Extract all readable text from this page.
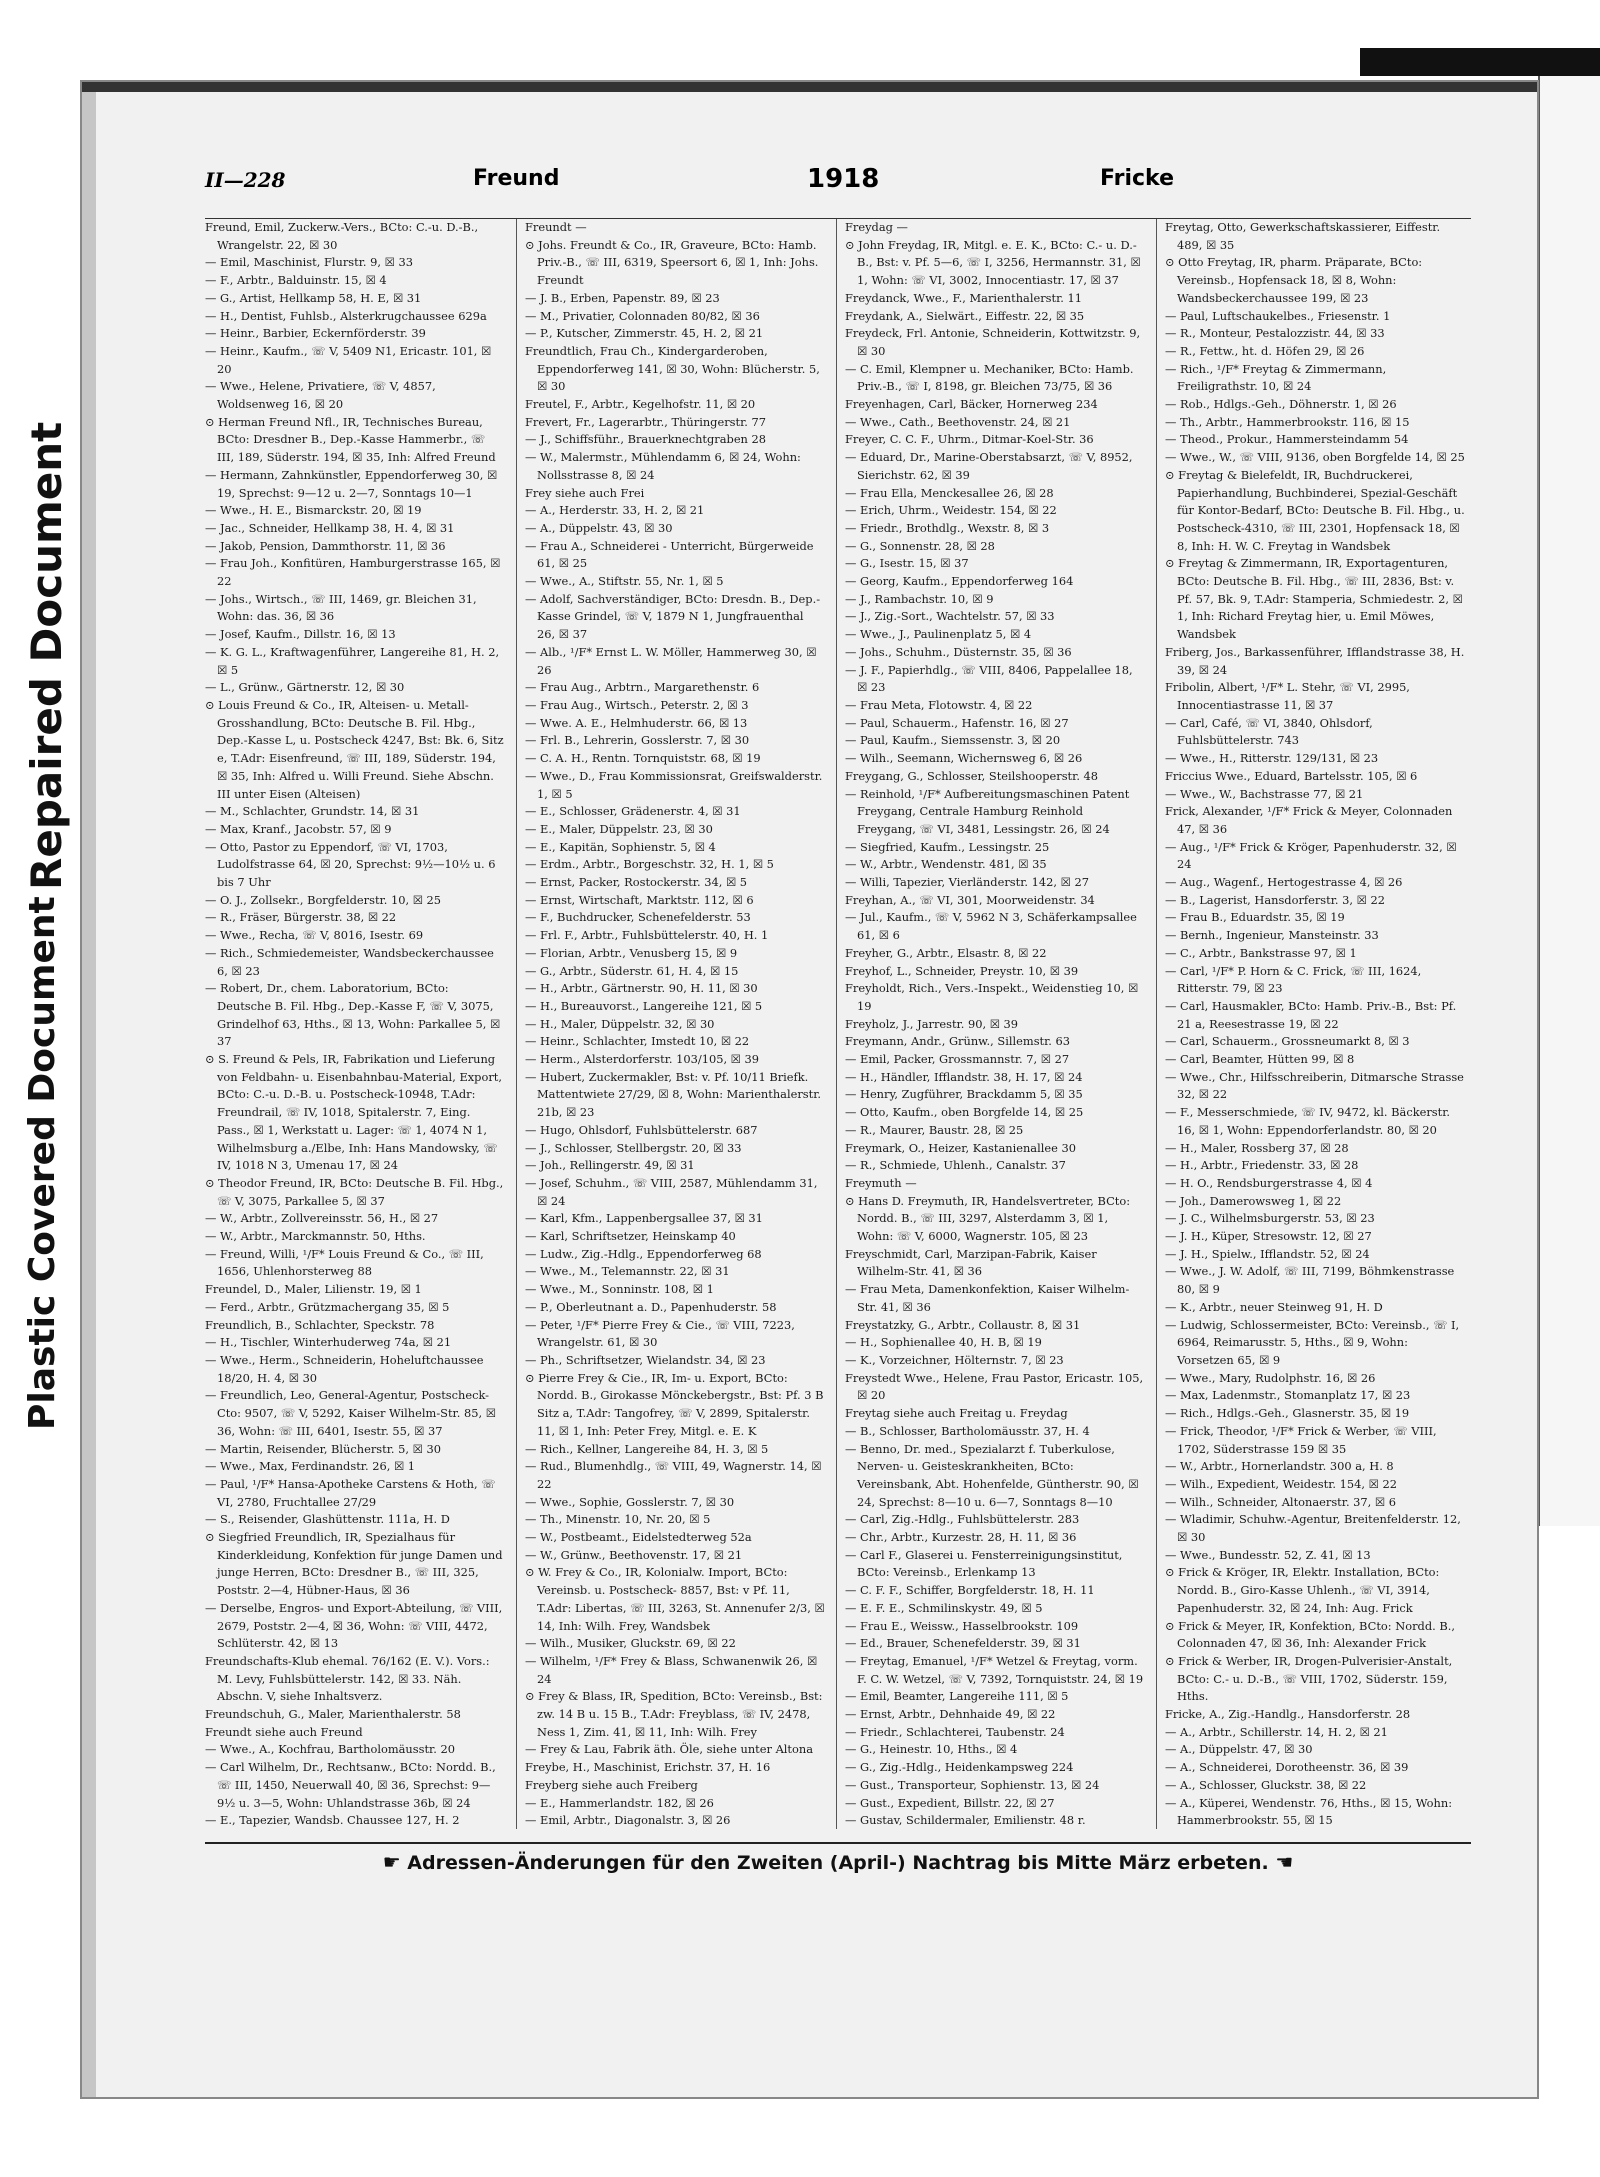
Repaired Document
Plastic Covered Document
II—228	Freund	1918	Fricke

Freund, Emil, Zuckerw.-Vers., BCto: C.-u. D.-B., Wrangelstr. 22, ☒ 30

— Emil, Maschinist, Flurstr. 9, ☒ 33

— F., Arbtr., Balduinstr. 15, ☒ 4

— G., Artist, Hellkamp 58, H. E, ☒ 31

— H., Dentist, Fuhlsb., Alsterkrugchaussee 629a

— Heinr., Barbier, Eckernförderstr. 39

— Heinr., Kaufm., ☏ V, 5409 N1, Ericastr. 101, ☒ 20

— Wwe., Helene, Privatiere, ☏ V, 4857, Woldsenweg 16, ☒ 20

⊙ Herman Freund Nfl., IR, Technisches Bureau, BCto: Dresdner B., Dep.-Kasse Hammerbr., ☏ III, 189, Süderstr. 194, ☒ 35, Inh: Alfred Freund

— Hermann, Zahnkünstler, Eppendorferweg 30, ☒ 19, Sprechst: 9—12 u. 2—7, Sonntags 10—1

— Wwe., H. E., Bismarckstr. 20, ☒ 19

— Jac., Schneider, Hellkamp 38, H. 4, ☒ 31

— Jakob, Pension, Dammthorstr. 11, ☒ 36

— Frau Joh., Konfitüren, Hamburgerstrasse 165, ☒ 22

— Johs., Wirtsch., ☏ III, 1469, gr. Bleichen 31, Wohn: das. 36, ☒ 36

— Josef, Kaufm., Dillstr. 16, ☒ 13

— K. G. L., Kraftwagenführer, Langereihe 81, H. 2, ☒ 5

— L., Grünw., Gärtnerstr. 12, ☒ 30

⊙ Louis Freund & Co., IR, Alteisen- u. Metall-Grosshandlung, BCto: Deutsche B. Fil. Hbg., Dep.-Kasse L, u. Postscheck 4247, Bst: Bk. 6, Sitz e, T.Adr: Eisenfreund, ☏ III, 189, Süderstr. 194, ☒ 35, Inh: Alfred u. Willi Freund. Siehe Abschn. III unter Eisen (Alteisen)

— M., Schlachter, Grundstr. 14, ☒ 31

— Max, Kranf., Jacobstr. 57, ☒ 9

— Otto, Pastor zu Eppendorf, ☏ VI, 1703, Ludolfstrasse 64, ☒ 20, Sprechst: 9½—10½ u. 6 bis 7 Uhr

— O. J., Zollsekr., Borgfelderstr. 10, ☒ 25

— R., Fräser, Bürgerstr. 38, ☒ 22

— Wwe., Recha, ☏ V, 8016, Isestr. 69

— Rich., Schmiedemeister, Wandsbeckerchaussee 6, ☒ 23

— Robert, Dr., chem. Laboratorium, BCto: Deutsche B. Fil. Hbg., Dep.-Kasse F, ☏ V, 3075, Grindelhof 63, Hths., ☒ 13, Wohn: Parkallee 5, ☒ 37

⊙ S. Freund & Pels, IR, Fabrikation und Lieferung von Feldbahn- u. Eisenbahnbau-Material, Export, BCto: C.-u. D.-B. u. Postscheck-10948, T.Adr: Freundrail, ☏ IV, 1018, Spitalerstr. 7, Eing. Pass., ☒ 1, Werkstatt u. Lager: ☏ 1, 4074 N 1, Wilhelmsburg a./Elbe, Inh: Hans Mandowsky, ☏ IV, 1018 N 3, Umenau 17, ☒ 24

⊙ Theodor Freund, IR, BCto: Deutsche B. Fil. Hbg., ☏ V, 3075, Parkallee 5, ☒ 37

— W., Arbtr., Zollvereinsstr. 56, H., ☒ 27

— W., Arbtr., Marckmannstr. 50, Hths.

— Freund, Willi, ¹/F* Louis Freund & Co., ☏ III, 1656, Uhlenhorsterweg 88

Freundel, D., Maler, Lilienstr. 19, ☒ 1

— Ferd., Arbtr., Grützmachergang 35, ☒ 5

Freundlich, B., Schlachter, Speckstr. 78

— H., Tischler, Winterhuderweg 74a, ☒ 21

— Wwe., Herm., Schneiderin, Hoheluftchaussee 18/20, H. 4, ☒ 30

— Freundlich, Leo, General-Agentur, Postscheck-Cto: 9507, ☏ V, 5292, Kaiser Wilhelm-Str. 85, ☒ 36, Wohn: ☏ III, 6401, Isestr. 55, ☒ 37

— Martin, Reisender, Blücherstr. 5, ☒ 30

— Wwe., Max, Ferdinandstr. 26, ☒ 1

— Paul, ¹/F* Hansa-Apotheke Carstens & Hoth, ☏ VI, 2780, Fruchtallee 27/29

— S., Reisender, Glashüttenstr. 111a, H. D

⊙ Siegfried Freundlich, IR, Spezialhaus für Kinderkleidung, Konfektion für junge Damen und junge Herren, BCto: Dresdner B., ☏ III, 325, Poststr. 2—4, Hübner-Haus, ☒ 36

— Derselbe, Engros- und Export-Abteilung, ☏ VIII, 2679, Poststr. 2—4, ☒ 36, Wohn: ☏ VIII, 4472, Schlüterstr. 42, ☒ 13

Freundschafts-Klub ehemal. 76/162 (E. V.). Vors.: M. Levy, Fuhlsbüttelerstr. 142, ☒ 33. Näh. Abschn. V, siehe Inhaltsverz.

Freundschuh, G., Maler, Marienthalerstr. 58

Freundt siehe auch Freund

— Wwe., A., Kochfrau, Bartholomäusstr. 20

— Carl Wilhelm, Dr., Rechtsanw., BCto: Nordd. B., ☏ III, 1450, Neuerwall 40, ☒ 36, Sprechst: 9—9½ u. 3—5, Wohn: Uhlandstrasse 36b, ☒ 24

— E., Tapezier, Wandsb. Chaussee 127, H. 2

Freundt —

⊙ Johs. Freundt & Co., IR, Graveure, BCto: Hamb. Priv.-B., ☏ III, 6319, Speersort 6, ☒ 1, Inh: Johs. Freundt

— J. B., Erben, Papenstr. 89, ☒ 23

— M., Privatier, Colonnaden 80/82, ☒ 36

— P., Kutscher, Zimmerstr. 45, H. 2, ☒ 21

Freundtlich, Frau Ch., Kindergarderoben, Eppendorferweg 141, ☒ 30, Wohn: Blücherstr. 5, ☒ 30

Freutel, F., Arbtr., Kegelhofstr. 11, ☒ 20

Frevert, Fr., Lagerarbtr., Thüringerstr. 77

— J., Schiffsführ., Brauerknechtgraben 28

— W., Malermstr., Mühlendamm 6, ☒ 24, Wohn: Nollsstrasse 8, ☒ 24

Frey siehe auch Frei

— A., Herderstr. 33, H. 2, ☒ 21

— A., Düppelstr. 43, ☒ 30

— Frau A., Schneiderei - Unterricht, Bürgerweide 61, ☒ 25

— Wwe., A., Stiftstr. 55, Nr. 1, ☒ 5

— Adolf, Sachverständiger, BCto: Dresdn. B., Dep.-Kasse Grindel, ☏ V, 1879 N 1, Jungfrauenthal 26, ☒ 37

— Alb., ¹/F* Ernst L. W. Möller, Hammerweg 30, ☒ 26

— Frau Aug., Arbtrn., Margarethenstr. 6

— Frau Aug., Wirtsch., Peterstr. 2, ☒ 3

— Wwe. A. E., Helmhuderstr. 66, ☒ 13

— Frl. B., Lehrerin, Gosslerstr. 7, ☒ 30

— C. A. H., Rentn. Tornquiststr. 68, ☒ 19

— Wwe., D., Frau Kommissionsrat, Greifswalderstr. 1, ☒ 5

— E., Schlosser, Grädenerstr. 4, ☒ 31

— E., Maler, Düppelstr. 23, ☒ 30

— E., Kapitän, Sophienstr. 5, ☒ 4

— Erdm., Arbtr., Borgeschstr. 32, H. 1, ☒ 5

— Ernst, Packer, Rostockerstr. 34, ☒ 5

— Ernst, Wirtschaft, Marktstr. 112, ☒ 6

— F., Buchdrucker, Schenefelderstr. 53

— Frl. F., Arbtr., Fuhlsbüttelerstr. 40, H. 1

— Florian, Arbtr., Venusberg 15, ☒ 9

— G., Arbtr., Süderstr. 61, H. 4, ☒ 15

— H., Arbtr., Gärtnerstr. 90, H. 11, ☒ 30

— H., Bureauvorst., Langereihe 121, ☒ 5

— H., Maler, Düppelstr. 32, ☒ 30

— Heinr., Schlachter, Imstedt 10, ☒ 22

— Herm., Alsterdorferstr. 103/105, ☒ 39

— Hubert, Zuckermakler, Bst: v. Pf. 10/11 Briefk. Mattentwiete 27/29, ☒ 8, Wohn: Marienthalerstr. 21b, ☒ 23

— Hugo, Ohlsdorf, Fuhlsbüttelerstr. 687

— J., Schlosser, Stellbergstr. 20, ☒ 33

— Joh., Rellingerstr. 49, ☒ 31

— Josef, Schuhm., ☏ VIII, 2587, Mühlendamm 31, ☒ 24

— Karl, Kfm., Lappenbergsallee 37, ☒ 31

— Karl, Schriftsetzer, Heinskamp 40

— Ludw., Zig.-Hdlg., Eppendorferweg 68

— Wwe., M., Telemannstr. 22, ☒ 31

— Wwe., M., Sonninstr. 108, ☒ 1

— P., Oberleutnant a. D., Papenhuderstr. 58

— Peter, ¹/F* Pierre Frey & Cie., ☏ VIII, 7223, Wrangelstr. 61, ☒ 30

— Ph., Schriftsetzer, Wielandstr. 34, ☒ 23

⊙ Pierre Frey & Cie., IR, Im- u. Export, BCto: Nordd. B., Girokasse Mönckebergstr., Bst: Pf. 3 B Sitz a, T.Adr: Tangofrey, ☏ V, 2899, Spitalerstr. 11, ☒ 1, Inh: Peter Frey, Mitgl. e. E. K

— Rich., Kellner, Langereihe 84, H. 3, ☒ 5

— Rud., Blumenhdlg., ☏ VIII, 49, Wagnerstr. 14, ☒ 22

— Wwe., Sophie, Gosslerstr. 7, ☒ 30

— Th., Minenstr. 10, Nr. 20, ☒ 5

— W., Postbeamt., Eidelstedterweg 52a

— W., Grünw., Beethovenstr. 17, ☒ 21

⊙ W. Frey & Co., IR, Kolonialw. Import, BCto: Vereinsb. u. Postscheck- 8857, Bst: v Pf. 11, T.Adr: Libertas, ☏ III, 3263, St. Annenufer 2/3, ☒ 14, Inh: Wilh. Frey, Wandsbek

— Wilh., Musiker, Gluckstr. 69, ☒ 22

— Wilhelm, ¹/F* Frey & Blass, Schwanenwik 26, ☒ 24

⊙ Frey & Blass, IR, Spedition, BCto: Vereinsb., Bst: zw. 14 B u. 15 B., T.Adr: Freyblass, ☏ IV, 2478, Ness 1, Zim. 41, ☒ 11, Inh: Wilh. Frey

— Frey & Lau, Fabrik äth. Öle, siehe unter Altona

Freybe, H., Maschinist, Erichstr. 37, H. 16

Freyberg siehe auch Freiberg

— E., Hammerlandstr. 182, ☒ 26

— Emil, Arbtr., Diagonalstr. 3, ☒ 26

Freydag —

⊙ John Freydag, IR, Mitgl. e. E. K., BCto: C.- u. D.-B., Bst: v. Pf. 5—6, ☏ I, 3256, Hermannstr. 31, ☒ 1, Wohn: ☏ VI, 3002, Innocentiastr. 17, ☒ 37

Freydanck, Wwe., F., Marienthalerstr. 11

Freydank, A., Sielwärt., Eiffestr. 22, ☒ 35

Freydeck, Frl. Antonie, Schneiderin, Kottwitzstr. 9, ☒ 30

— C. Emil, Klempner u. Mechaniker, BCto: Hamb. Priv.-B., ☏ I, 8198, gr. Bleichen 73/75, ☒ 36

Freyenhagen, Carl, Bäcker, Hornerweg 234

— Wwe., Cath., Beethovenstr. 24, ☒ 21

Freyer, C. C. F., Uhrm., Ditmar-Koel-Str. 36

— Eduard, Dr., Marine-Oberstabsarzt, ☏ V, 8952, Sierichstr. 62, ☒ 39

— Frau Ella, Menckesallee 26, ☒ 28

— Erich, Uhrm., Weidestr. 154, ☒ 22

— Friedr., Brothdlg., Wexstr. 8, ☒ 3

— G., Sonnenstr. 28, ☒ 28

— G., Isestr. 15, ☒ 37

— Georg, Kaufm., Eppendorferweg 164

— J., Rambachstr. 10, ☒ 9

— J., Zig.-Sort., Wachtelstr. 57, ☒ 33

— Wwe., J., Paulinenplatz 5, ☒ 4

— Johs., Schuhm., Düsternstr. 35, ☒ 36

— J. F., Papierhdlg., ☏ VIII, 8406, Pappelallee 18, ☒ 23

— Frau Meta, Flotowstr. 4, ☒ 22

— Paul, Schauerm., Hafenstr. 16, ☒ 27

— Paul, Kaufm., Siemssenstr. 3, ☒ 20

— Wilh., Seemann, Wichernsweg 6, ☒ 26

Freygang, G., Schlosser, Steilshooperstr. 48

— Reinhold, ¹/F* Aufbereitungsmaschinen Patent Freygang, Centrale Hamburg Reinhold Freygang, ☏ VI, 3481, Lessingstr. 26, ☒ 24

— Siegfried, Kaufm., Lessingstr. 25

— W., Arbtr., Wendenstr. 481, ☒ 35

— Willi, Tapezier, Vierländerstr. 142, ☒ 27

Freyhan, A., ☏ VI, 301, Moorweidenstr. 34

— Jul., Kaufm., ☏ V, 5962 N 3, Schäferkampsallee 61, ☒ 6

Freyher, G., Arbtr., Elsastr. 8, ☒ 22

Freyhof, L., Schneider, Preystr. 10, ☒ 39

Freyholdt, Rich., Vers.-Inspekt., Weidenstieg 10, ☒ 19

Freyholz, J., Jarrestr. 90, ☒ 39

Freymann, Andr., Grünw., Sillemstr. 63

— Emil, Packer, Grossmannstr. 7, ☒ 27

— H., Händler, Ifflandstr. 38, H. 17, ☒ 24

— Henry, Zugführer, Brackdamm 5, ☒ 35

— Otto, Kaufm., oben Borgfelde 14, ☒ 25

— R., Maurer, Baustr. 28, ☒ 25

Freymark, O., Heizer, Kastanienallee 30

— R., Schmiede, Uhlenh., Canalstr. 37

Freymuth —

⊙ Hans D. Freymuth, IR, Handelsvertreter, BCto: Nordd. B., ☏ III, 3297, Alsterdamm 3, ☒ 1, Wohn: ☏ V, 6000, Wagnerstr. 105, ☒ 23

Freyschmidt, Carl, Marzipan-Fabrik, Kaiser Wilhelm-Str. 41, ☒ 36

— Frau Meta, Damenkonfektion, Kaiser Wilhelm-Str. 41, ☒ 36

Freystatzky, G., Arbtr., Collaustr. 8, ☒ 31

— H., Sophienallee 40, H. B, ☒ 19

— K., Vorzeichner, Hölternstr. 7, ☒ 23

Freystedt Wwe., Helene, Frau Pastor, Ericastr. 105, ☒ 20

Freytag siehe auch Freitag u. Freydag

— B., Schlosser, Bartholomäusstr. 37, H. 4

— Benno, Dr. med., Spezialarzt f. Tuberkulose, Nerven- u. Geisteskrankheiten, BCto: Vereinsbank, Abt. Hohenfelde, Güntherstr. 90, ☒ 24, Sprechst: 8—10 u. 6—7, Sonntags 8—10

— Carl, Zig.-Hdlg., Fuhlsbüttelerstr. 283

— Chr., Arbtr., Kurzestr. 28, H. 11, ☒ 36

— Carl F., Glaserei u. Fensterreinigungsinstitut, BCto: Vereinsb., Erlenkamp 13

— C. F. F., Schiffer, Borgfelderstr. 18, H. 11

— E. F. E., Schmilinskystr. 49, ☒ 5

— Frau E., Weissw., Hasselbrookstr. 109

— Ed., Brauer, Schenefelderstr. 39, ☒ 31

— Freytag, Emanuel, ¹/F* Wetzel & Freytag, vorm. F. C. W. Wetzel, ☏ V, 7392, Tornquiststr. 24, ☒ 19

— Emil, Beamter, Langereihe 111, ☒ 5

— Ernst, Arbtr., Dehnhaide 49, ☒ 22

— Friedr., Schlachterei, Taubenstr. 24

— G., Heinestr. 10, Hths., ☒ 4

— G., Zig.-Hdlg., Heidenkampsweg 224

— Gust., Transporteur, Sophienstr. 13, ☒ 24

— Gust., Expedient, Billstr. 22, ☒ 27

— Gustav, Schildermaler, Emilienstr. 48 r.

Freytag, Otto, Gewerkschaftskassierer, Eiffestr. 489, ☒ 35

⊙ Otto Freytag, IR, pharm. Präparate, BCto: Vereinsb., Hopfensack 18, ☒ 8, Wohn: Wandsbeckerchaussee 199, ☒ 23

— Paul, Luftschaukelbes., Friesenstr. 1

— R., Monteur, Pestalozzistr. 44, ☒ 33

— R., Fettw., ht. d. Höfen 29, ☒ 26

— Rich., ¹/F* Freytag & Zimmermann, Freiligrathstr. 10, ☒ 24

— Rob., Hdlgs.-Geh., Döhnerstr. 1, ☒ 26

— Th., Arbtr., Hammerbrookstr. 116, ☒ 15

— Theod., Prokur., Hammersteindamm 54

— Wwe., W., ☏ VIII, 9136, oben Borgfelde 14, ☒ 25

⊙ Freytag & Bielefeldt, IR, Buchdruckerei, Papierhandlung, Buchbinderei, Spezial-Geschäft für Kontor-Bedarf, BCto: Deutsche B. Fil. Hbg., u. Postscheck-4310, ☏ III, 2301, Hopfensack 18, ☒ 8, Inh: H. W. C. Freytag in Wandsbek

⊙ Freytag & Zimmermann, IR, Exportagenturen, BCto: Deutsche B. Fil. Hbg., ☏ III, 2836, Bst: v. Pf. 57, Bk. 9, T.Adr: Stamperia, Schmiedestr. 2, ☒ 1, Inh: Richard Freytag hier, u. Emil Möwes, Wandsbek

Friberg, Jos., Barkassenführer, Ifflandstrasse 38, H. 39, ☒ 24

Fribolin, Albert, ¹/F* L. Stehr, ☏ VI, 2995, Innocentiastrasse 11, ☒ 37

— Carl, Café, ☏ VI, 3840, Ohlsdorf, Fuhlsbüttelerstr. 743

— Wwe., H., Ritterstr. 129/131, ☒ 23

Friccius Wwe., Eduard, Bartelsstr. 105, ☒ 6

— Wwe., W., Bachstrasse 77, ☒ 21

Frick, Alexander, ¹/F* Frick & Meyer, Colonnaden 47, ☒ 36

— Aug., ¹/F* Frick & Kröger, Papenhuderstr. 32, ☒ 24

— Aug., Wagenf., Hertogestrasse 4, ☒ 26

— B., Lagerist, Hansdorferstr. 3, ☒ 22

— Frau B., Eduardstr. 35, ☒ 19

— Bernh., Ingenieur, Mansteinstr. 33

— C., Arbtr., Bankstrasse 97, ☒ 1

— Carl, ¹/F* P. Horn & C. Frick, ☏ III, 1624, Ritterstr. 79, ☒ 23

— Carl, Hausmakler, BCto: Hamb. Priv.-B., Bst: Pf. 21 a, Reesestrasse 19, ☒ 22

— Carl, Schauerm., Grossneumarkt 8, ☒ 3

— Carl, Beamter, Hütten 99, ☒ 8

— Wwe., Chr., Hilfsschreiberin, Ditmarsche Strasse 32, ☒ 22

— F., Messerschmiede, ☏ IV, 9472, kl. Bäckerstr. 16, ☒ 1, Wohn: Eppendorferlandstr. 80, ☒ 20

— H., Maler, Rossberg 37, ☒ 28

— H., Arbtr., Friedenstr. 33, ☒ 28

— H. O., Rendsburgerstrasse 4, ☒ 4

— Joh., Damerowsweg 1, ☒ 22

— J. C., Wilhelmsburgerstr. 53, ☒ 23

— J. H., Küper, Stresowstr. 12, ☒ 27

— J. H., Spielw., Ifflandstr. 52, ☒ 24

— Wwe., J. W. Adolf, ☏ III, 7199, Böhmkenstrasse 80, ☒ 9

— K., Arbtr., neuer Steinweg 91, H. D

— Ludwig, Schlossermeister, BCto: Vereinsb., ☏ I, 6964, Reimarusstr. 5, Hths., ☒ 9, Wohn: Vorsetzen 65, ☒ 9

— Wwe., Mary, Rudolphstr. 16, ☒ 26

— Max, Ladenmstr., Stomanplatz 17, ☒ 23

— Rich., Hdlgs.-Geh., Glasnerstr. 35, ☒ 19

— Frick, Theodor, ¹/F* Frick & Werber, ☏ VIII, 1702, Süderstrasse 159 ☒ 35

— W., Arbtr., Hornerlandstr. 300 a, H. 8

— Wilh., Expedient, Weidestr. 154, ☒ 22

— Wilh., Schneider, Altonaerstr. 37, ☒ 6

— Wladimir, Schuhw.-Agentur, Breitenfelderstr. 12, ☒ 30

— Wwe., Bundesstr. 52, Z. 41, ☒ 13

⊙ Frick & Kröger, IR, Elektr. Installation, BCto: Nordd. B., Giro-Kasse Uhlenh., ☏ VI, 3914, Papenhuderstr. 32, ☒ 24, Inh: Aug. Frick

⊙ Frick & Meyer, IR, Konfektion, BCto: Nordd. B., Colonnaden 47, ☒ 36, Inh: Alexander Frick

⊙ Frick & Werber, IR, Drogen-Pulverisier-Anstalt, BCto: C.- u. D.-B., ☏ VIII, 1702, Süderstr. 159, Hths.

Fricke, A., Zig.-Handlg., Hansdorferstr. 28

— A., Arbtr., Schillerstr. 14, H. 2, ☒ 21

— A., Düppelstr. 47, ☒ 30

— A., Schneiderei, Dorotheenstr. 36, ☒ 39

— A., Schlosser, Gluckstr. 38, ☒ 22

— A., Küperei, Wendenstr. 76, Hths., ☒ 15, Wohn: Hammerbrookstr. 55, ☒ 15

☛ Adressen-Änderungen für den Zweiten (April-) Nachtrag bis Mitte März erbeten. ☚
